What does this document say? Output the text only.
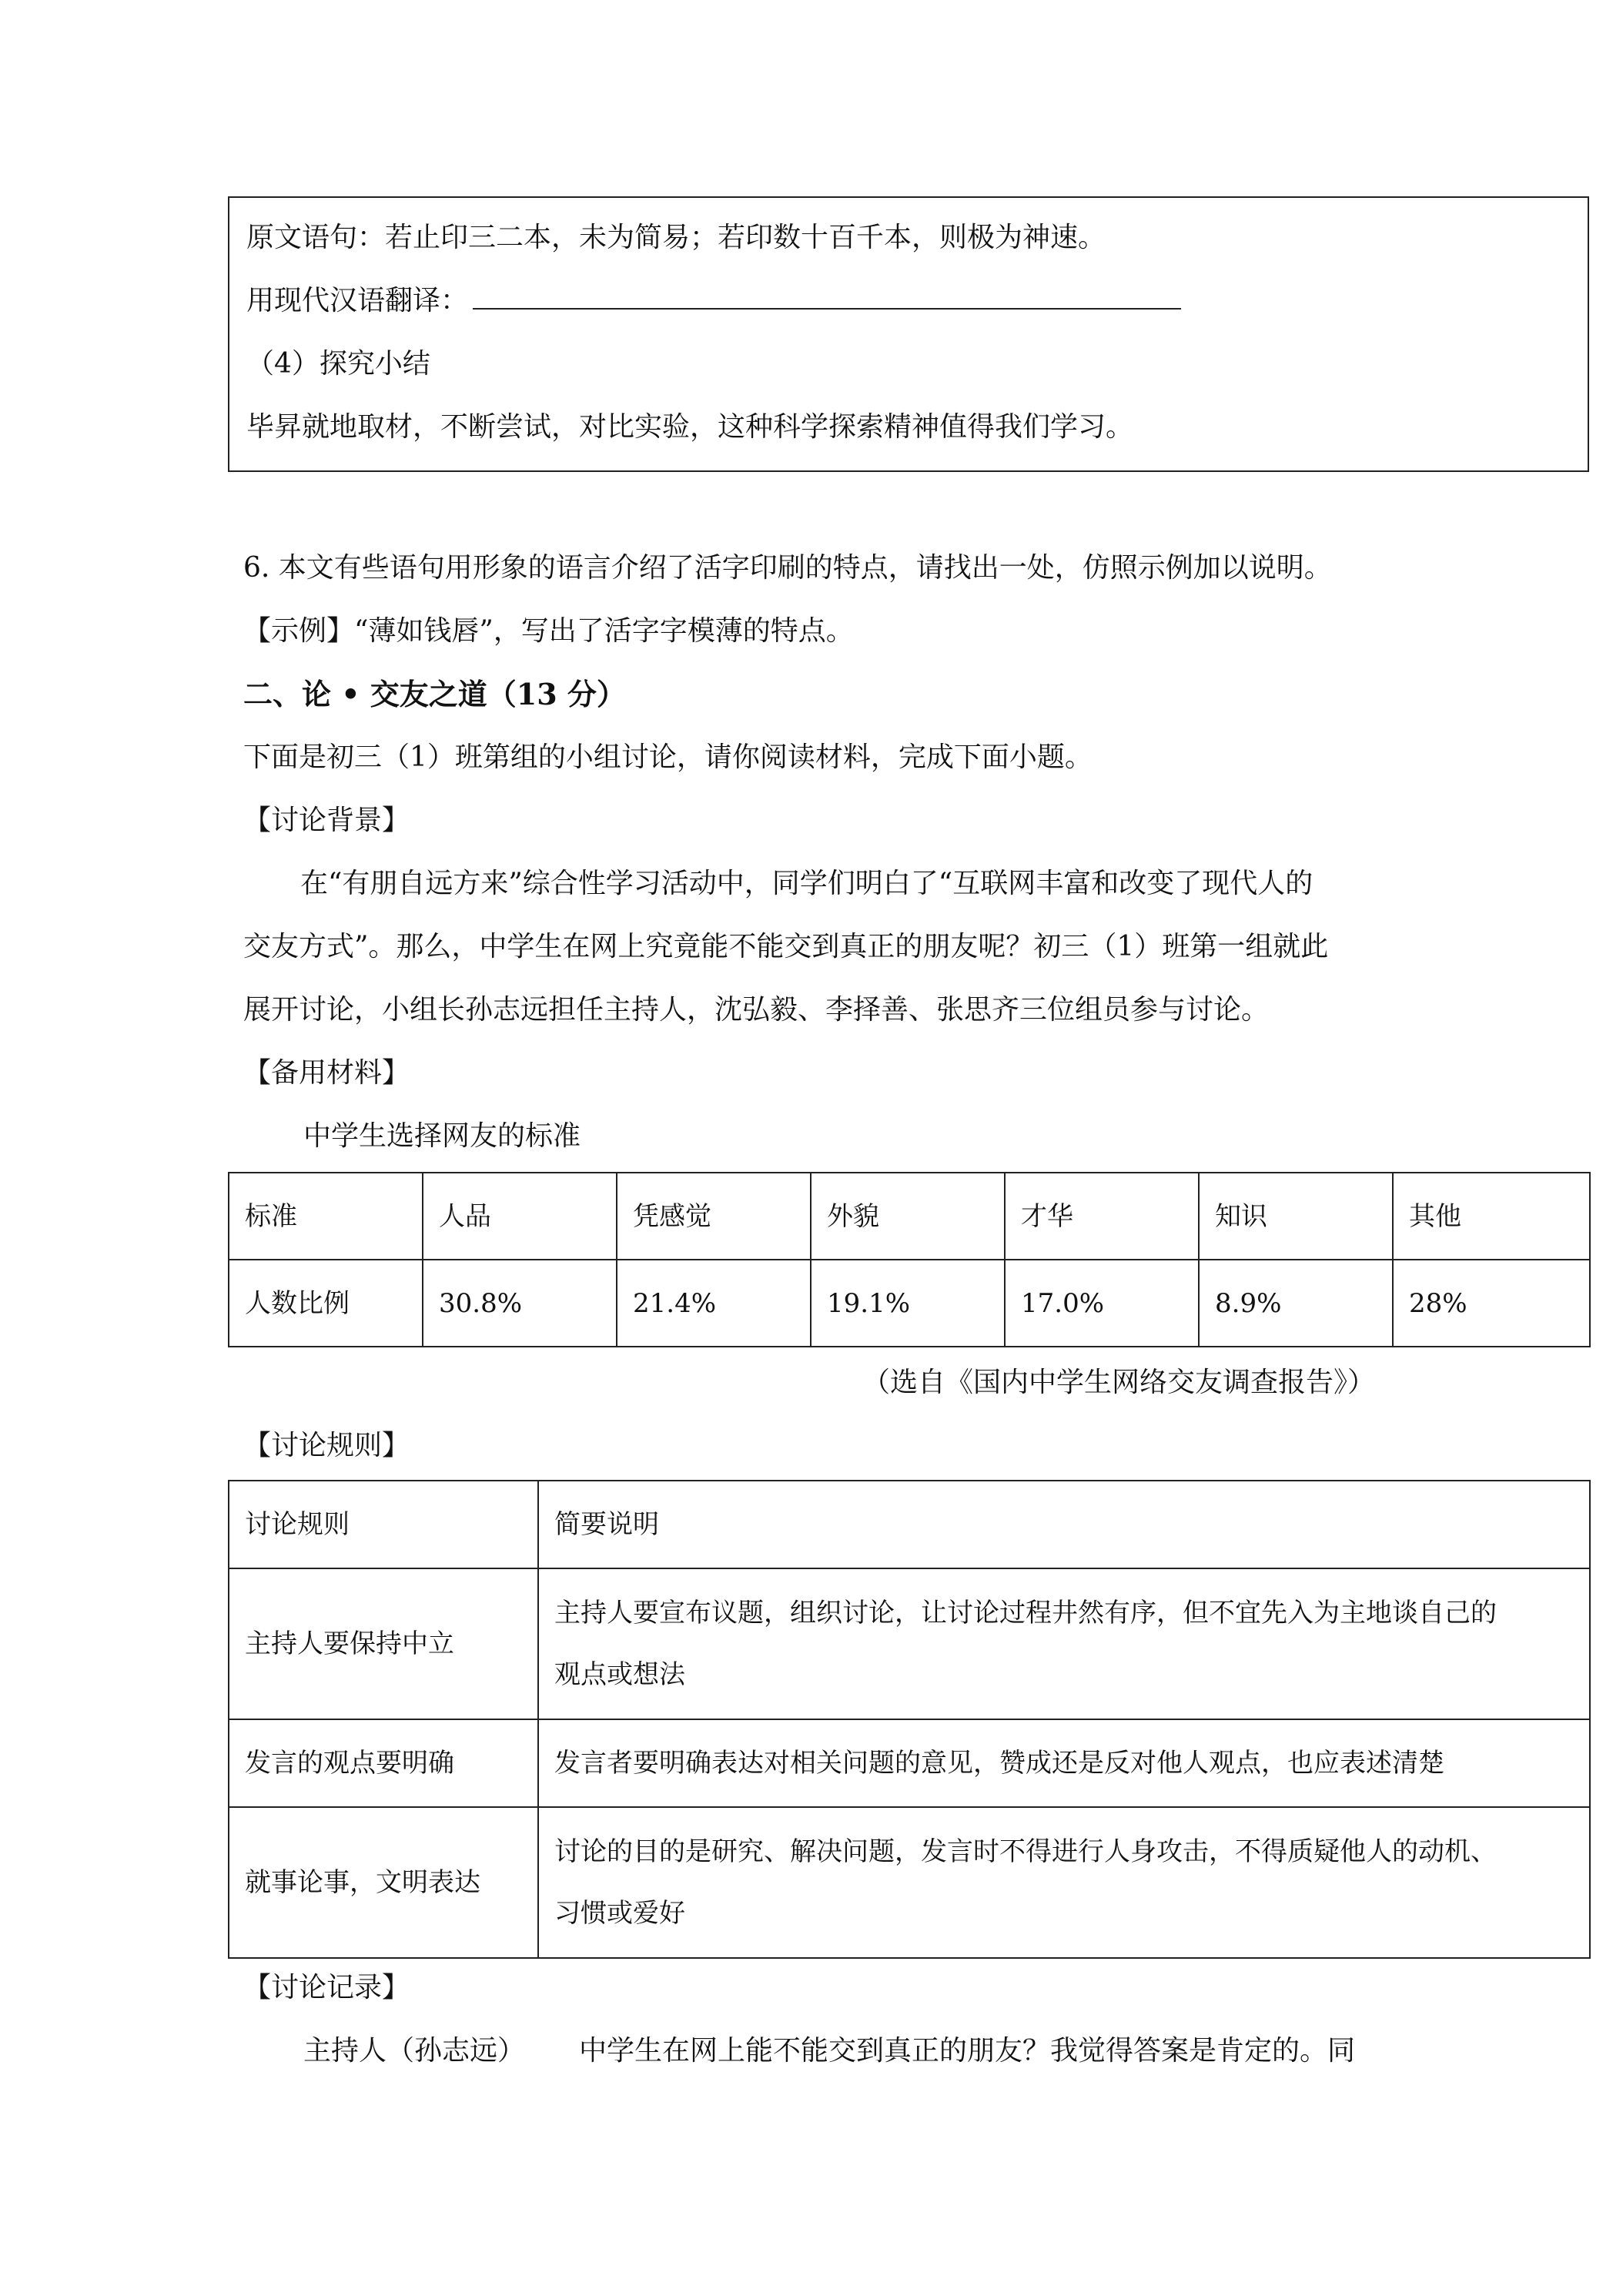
原文语句：若止印三二本，未为简易；若印数十百千本，则极为神速。
用现代汉语翻译：
（4）探究小结
毕昇就地取材，不断尝试，对比实验，这种科学探索精神值得我们学习。
6. 本文有些语句用形象的语言介绍了活字印刷的特点，请找出一处，仿照示例加以说明。
【示例】“薄如钱唇”，写出了活字字模薄的特点。
二、论 • 交友之道（13 分）
下面是初三（1）班第组的小组讨论，请你阅读材料，完成下面小题。
【讨论背景】
在“有朋自远方来”综合性学习活动中，同学们明白了“互联网丰富和改变了现代人的
交友方式”。那么，中学生在网上究竟能不能交到真正的朋友呢？初三（1）班第一组就此
展开讨论，小组长孙志远担任主持人，沈弘毅、李择善、张思齐三位组员参与讨论。
【备用材料】
中学生选择网友的标准
标准	人品	凭感觉	外貌	才华	知识	其他
人数比例	30.8%	21.4%	19.1%	17.0%	8.9%	28%
（选自《国内中学生网络交友调查报告》）
【讨论规则】
讨论规则	简要说明
主持人要保持中立	主持人要宣布议题，组织讨论，让讨论过程井然有序，但不宜先入为主地谈自己的
观点或想法

发言的观点要明确	发言者要明确表达对相关问题的意见，赞成还是反对他人观点，也应表述清楚
就事论事，文明表达	讨论的目的是研究、解决问题，发言时不得进行人身攻击，不得质疑他人的动机、
习惯或爱好
【讨论记录】
主持人（孙志远） 中学生在网上能不能交到真正的朋友？我觉得答案是肯定的。同
